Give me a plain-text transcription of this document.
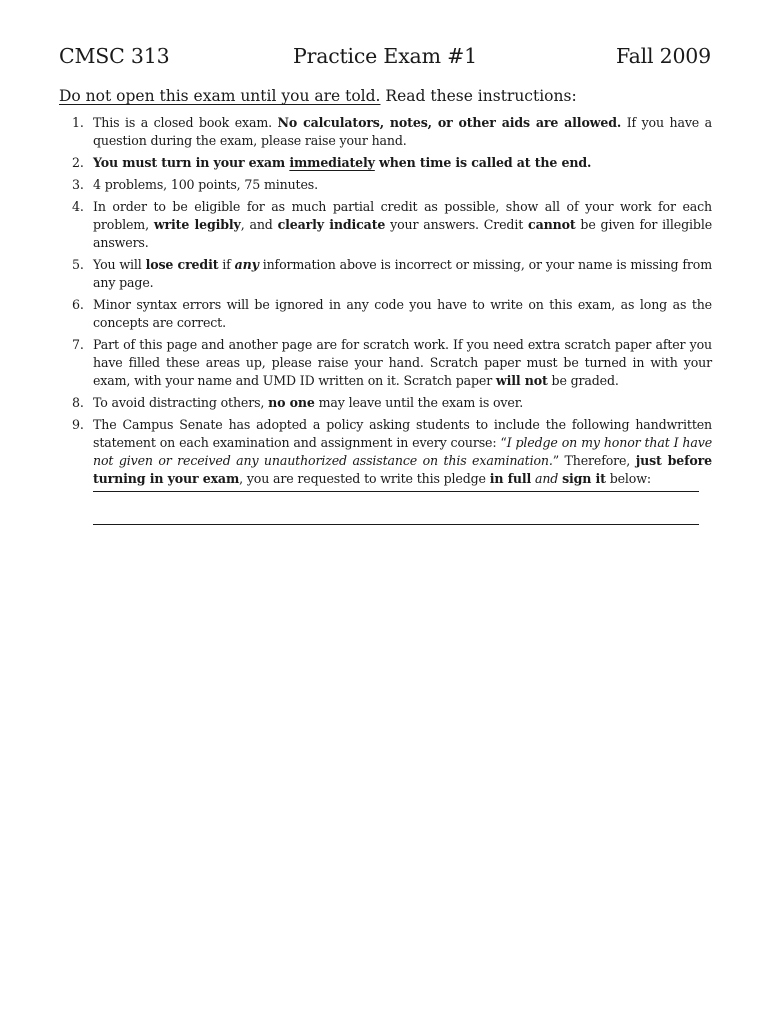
CMSC 313	Practice Exam #1	Fall 2009
Do not open this exam until you are told. Read these instructions:
1. This is a closed book exam. No calculators, notes, or other aids are allowed. If you have a question during the exam, please raise your hand.
2. You must turn in your exam immediately when time is called at the end.
3. 4 problems, 100 points, 75 minutes.
4. In order to be eligible for as much partial credit as possible, show all of your work for each problem, write legibly, and clearly indicate your answers. Credit cannot be given for illegible answers.
5. You will lose credit if any information above is incorrect or missing, or your name is missing from any page.
6. Minor syntax errors will be ignored in any code you have to write on this exam, as long as the concepts are correct.
7. Part of this page and another page are for scratch work. If you need extra scratch paper after you have filled these areas up, please raise your hand. Scratch paper must be turned in with your exam, with your name and UMD ID written on it. Scratch paper will not be graded.
8. To avoid distracting others, no one may leave until the exam is over.
9. The Campus Senate has adopted a policy asking students to include the following handwritten statement on each examination and assignment in every course: “I pledge on my honor that I have not given or received any unauthorized assistance on this examination.” Therefore, just before turning in your exam, you are requested to write this pledge in full and sign it below:
